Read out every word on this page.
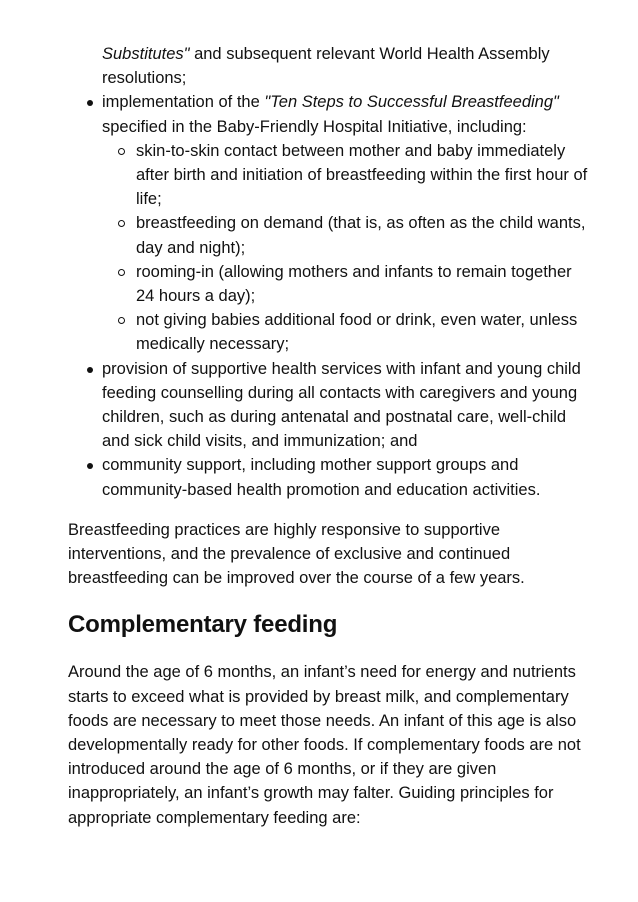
Substitutes" and subsequent relevant World Health Assembly resolutions;
implementation of the "Ten Steps to Successful Breastfeeding" specified in the Baby-Friendly Hospital Initiative, including:
skin-to-skin contact between mother and baby immediately after birth and initiation of breastfeeding within the first hour of life;
breastfeeding on demand (that is, as often as the child wants, day and night);
rooming-in (allowing mothers and infants to remain together 24 hours a day);
not giving babies additional food or drink, even water, unless medically necessary;
provision of supportive health services with infant and young child feeding counselling during all contacts with caregivers and young children, such as during antenatal and postnatal care, well-child and sick child visits, and immunization; and
community support, including mother support groups and community-based health promotion and education activities.

Breastfeeding practices are highly responsive to supportive interventions, and the prevalence of exclusive and continued breastfeeding can be improved over the course of a few years.

Complementary feeding

Around the age of 6 months, an infant’s need for energy and nutrients starts to exceed what is provided by breast milk, and complementary foods are necessary to meet those needs. An infant of this age is also developmentally ready for other foods. If complementary foods are not introduced around the age of 6 months, or if they are given inappropriately, an infant’s growth may falter. Guiding principles for appropriate complementary feeding are:
